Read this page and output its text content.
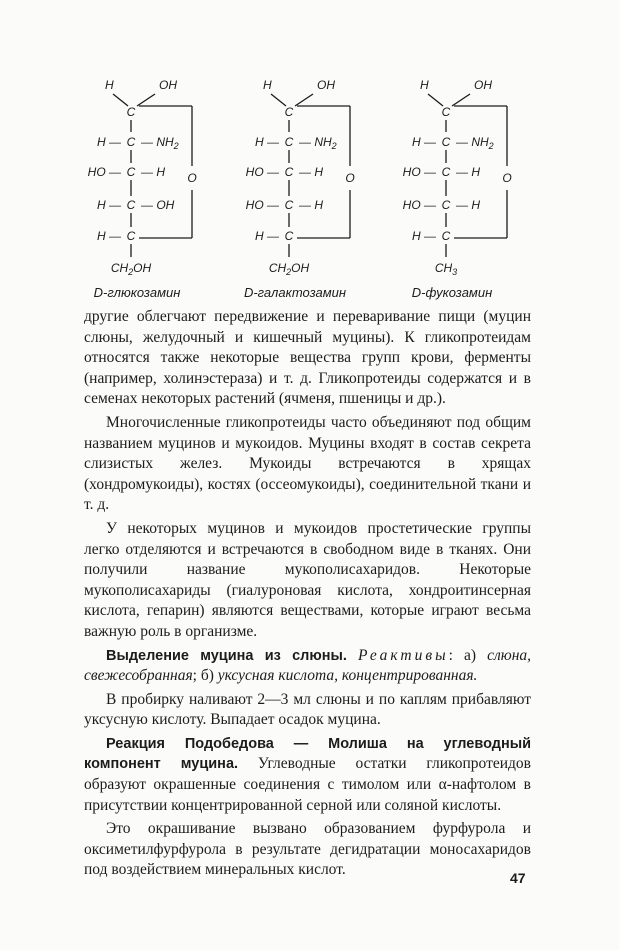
H	OH
C
H — C — $NH_2$
HO — C — H
H — C — OH
H — C
$CH_2OH$
O
D-глюкозамин
H	OH
C
H — C — $NH_2$
HO — C — H
HO — C — H
H — C
$CH_2OH$
O
D-галактозамин
H	OH
C
H — C — $NH_2$
HO — C — H
HO — C — H
H — C
$CH_3$
O
D-фукозамин

другие облегчают передвижение и переваривание пищи (муцин слюны, желудочный и кишечный муцины). К гликопротеидам относятся также некоторые вещества групп крови, ферменты (например, холинэстераза) и т. д. Гликопротеиды содержатся и в семенах некоторых растений (ячменя, пшеницы и др.).

Многочисленные гликопротеиды часто объединяют под общим названием муцинов и мукоидов. Муцины входят в состав секрета слизистых желез. Мукоиды встречаются в хрящах (хондромукоиды), костях (оссеомукоиды), соединительной ткани и т. д.

У некоторых муцинов и мукоидов простетические группы легко отделяются и встречаются в свободном виде в тканях. Они получили название мукополисахаридов. Некоторые мукополисахариды (гиалуроновая кислота, хондроитинсерная кислота, гепарин) являются веществами, которые играют весьма важную роль в организме.

Выделение муцина из слюны. Реактивы: а) слюна, свежесобранная; б) уксусная кислота, концентрированная.

В пробирку наливают 2—3 мл слюны и по каплям прибавляют уксусную кислоту. Выпадает осадок муцина.

Реакция Подобедова — Молиша на углеводный компонент муцина. Углеводные остатки гликопротеидов образуют окрашенные соединения с тимолом или α-нафтолом в присутствии концентрированной серной или соляной кислоты.

Это окрашивание вызвано образованием фурфурола и оксиметилфурфурола в результате дегидратации моносахаридов под воздействием минеральных кислот.	47
